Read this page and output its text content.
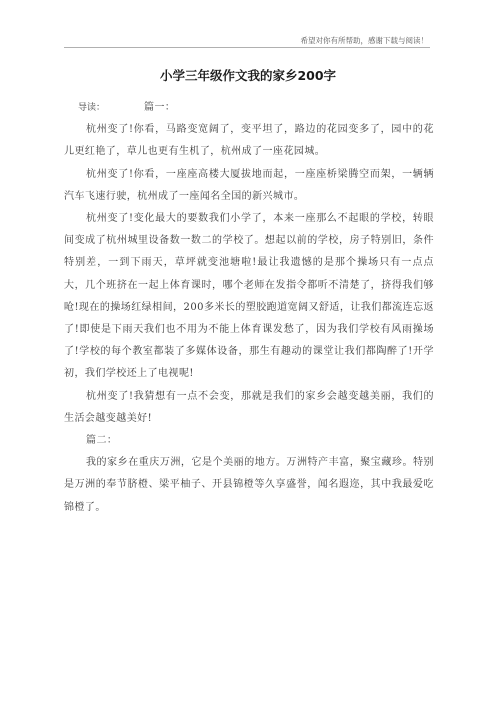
希望对你有所帮助，感谢下载与阅读！
小学三年级作文我的家乡200字
导读：	篇一：

杭州变了!你看，马路变宽阔了，变平坦了，路边的花园变多了，园中的花儿更红艳了，草儿也更有生机了，杭州成了一座花园城。

杭州变了!你看，一座座高楼大厦拔地而起，一座座桥梁腾空而架，一辆辆汽车飞速行驶，杭州成了一座闻名全国的新兴城市。

杭州变了!变化最大的要数我们小学了，本来一座那么不起眼的学校，转眼间变成了杭州城里设备数一数二的学校了。想起以前的学校，房子特别旧，条件特别差，一到下雨天，草坪就变池塘啦!最让我遗憾的是那个操场只有一点点大，几个班挤在一起上体育课时，哪个老师在发指令都听不清楚了，挤得我们够呛!现在的操场红绿相间，200多米长的塑胶跑道宽阔又舒适，让我们都流连忘返了!即使是下雨天我们也不用为不能上体育课发愁了，因为我们学校有风雨操场了!学校的每个教室都装了多媒体设备，那生有趣动的课堂让我们都陶醉了!开学初，我们学校还上了电视呢!

杭州变了!我猜想有一点不会变，那就是我们的家乡会越变越美丽，我们的生活会越变越美好!

篇二：

我的家乡在重庆万洲，它是个美丽的地方。万洲特产丰富，聚宝藏珍。特别是万洲的奉节脐橙、梁平柚子、开县锦橙等久享盛誉，闻名遐迩，其中我最爱吃锦橙了。
